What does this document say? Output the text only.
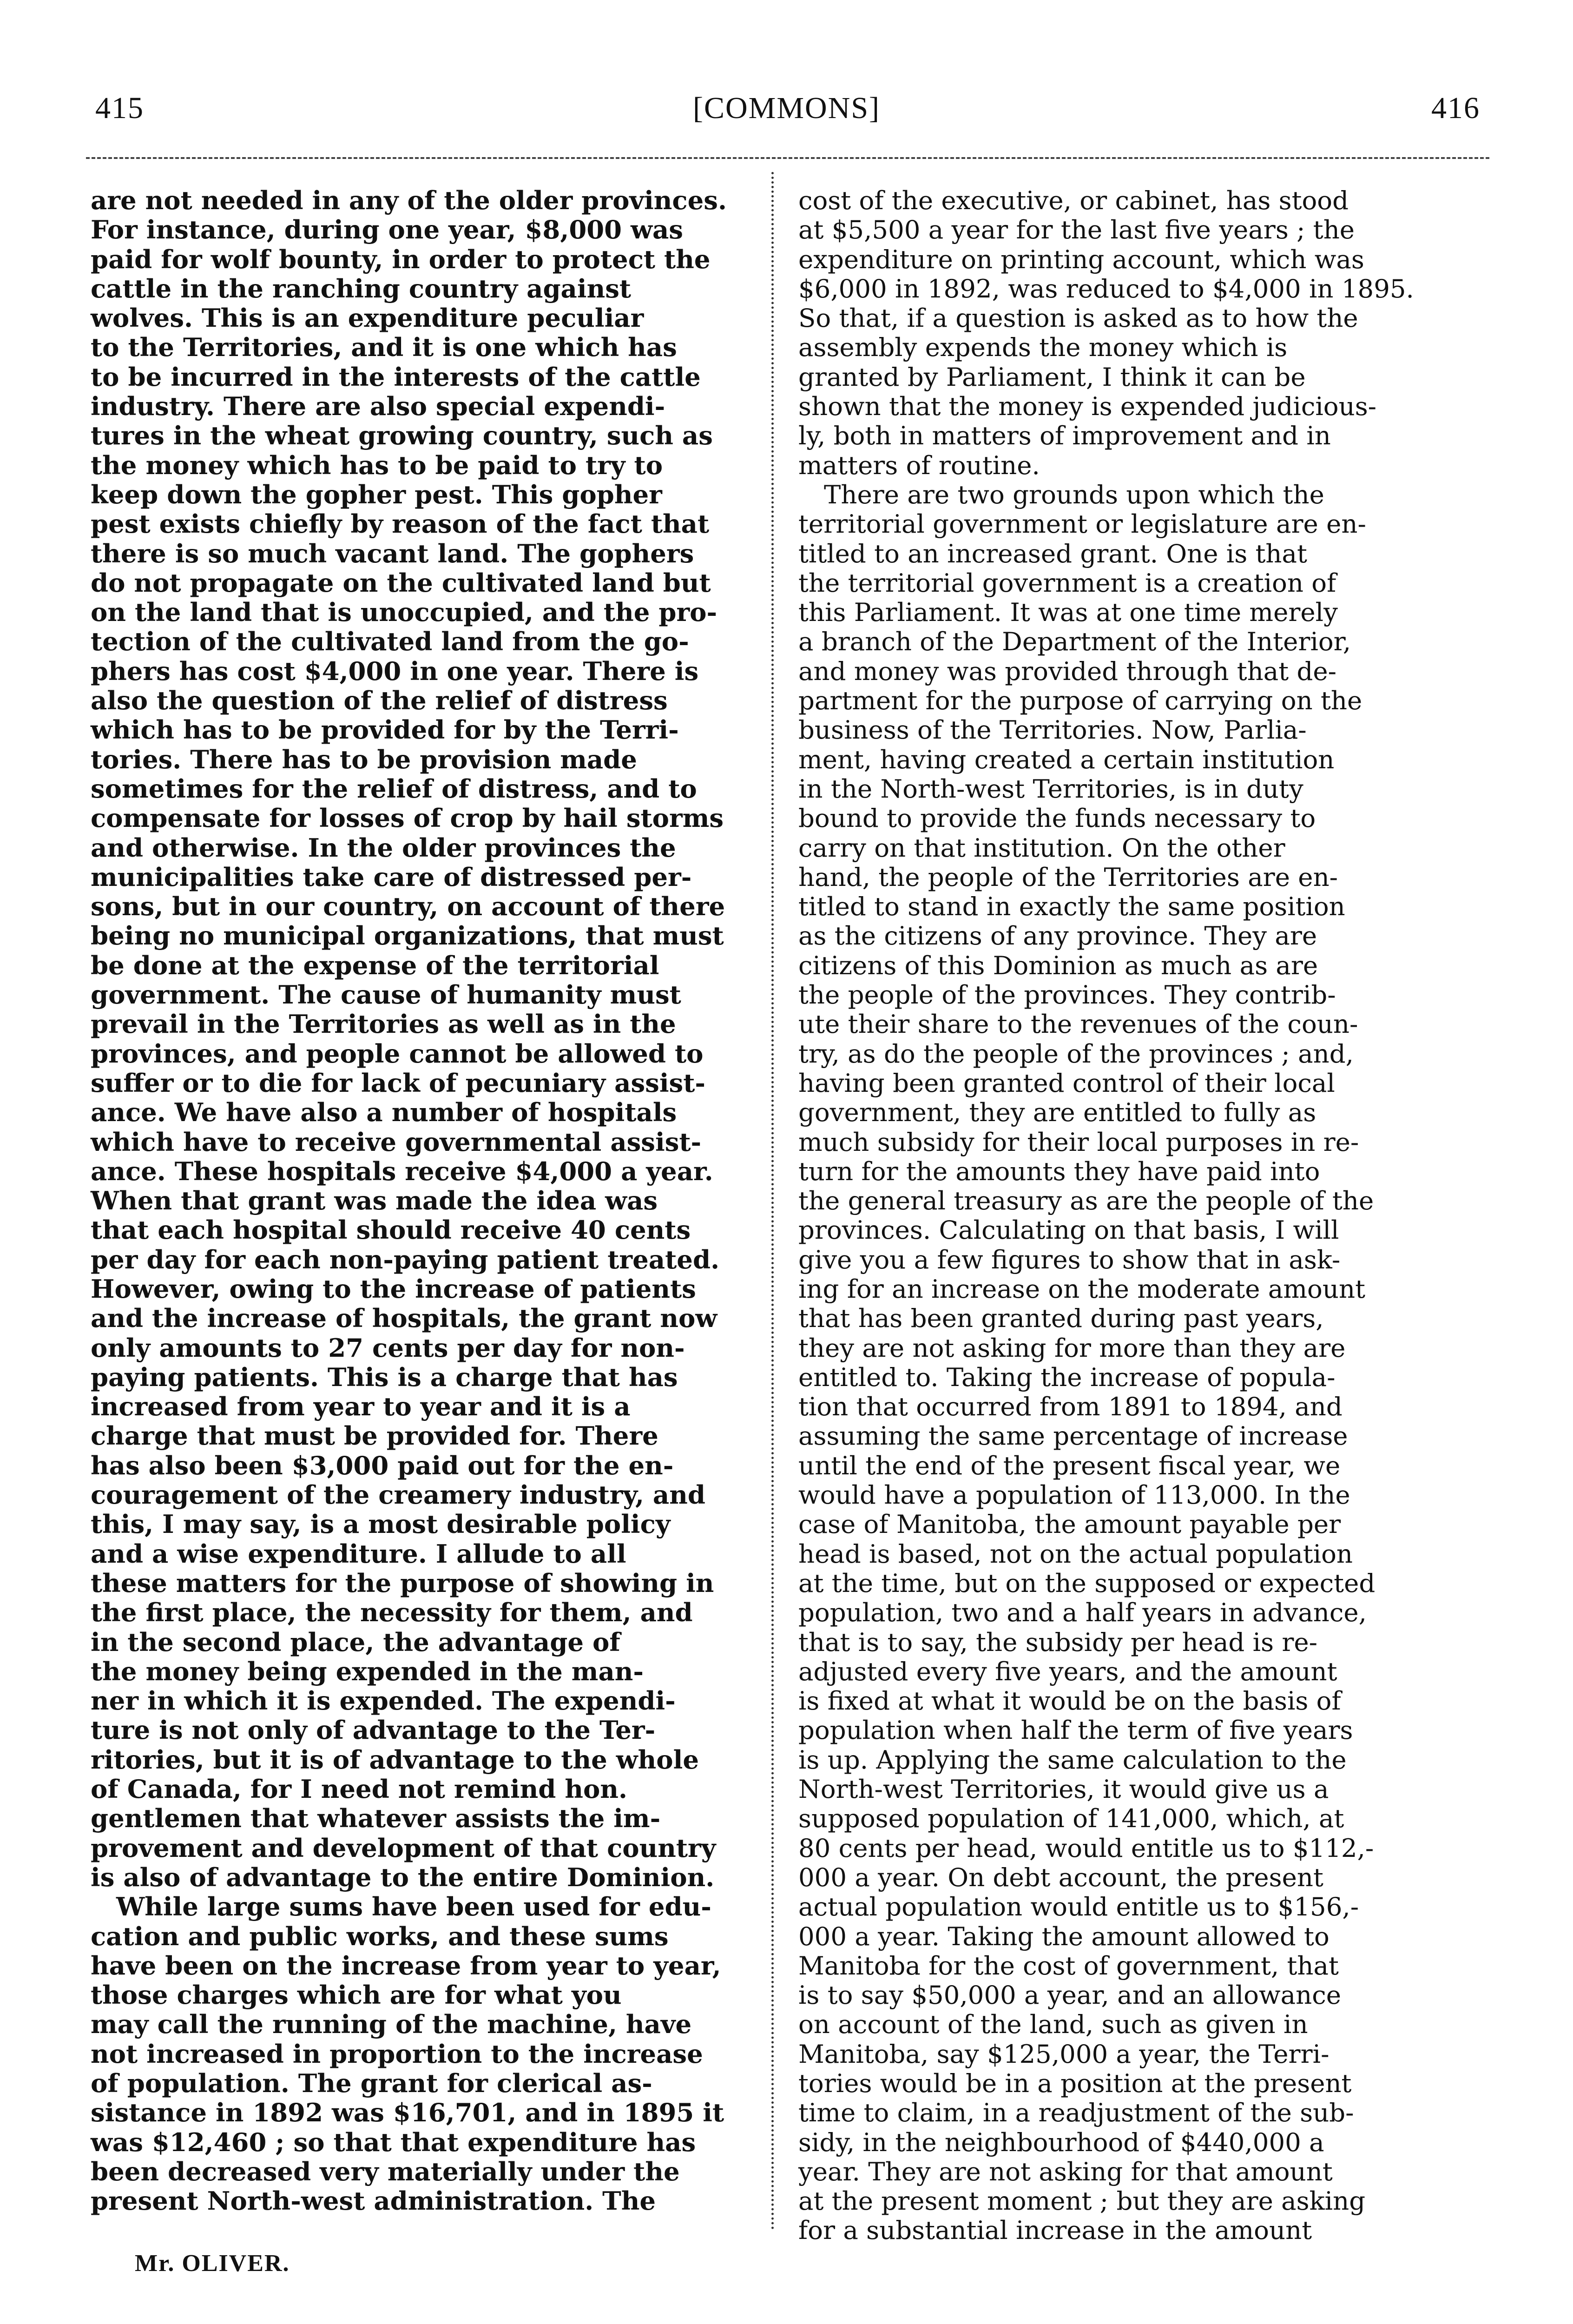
415	[COMMONS]	416
are not needed in any of the older provinces.
For instance, during one year, $8,000 was
paid for wolf bounty, in order to protect the
cattle in the ranching country against
wolves. This is an expenditure peculiar
to the Territories, and it is one which has
to be incurred in the interests of the cattle
industry. There are also special expendi-
tures in the wheat growing country, such as
the money which has to be paid to try to
keep down the gopher pest. This gopher
pest exists chiefly by reason of the fact that
there is so much vacant land. The gophers
do not propagate on the cultivated land but
on the land that is unoccupied, and the pro-
tection of the cultivated land from the go-
phers has cost $4,000 in one year. There is
also the question of the relief of distress
which has to be provided for by the Terri-
tories. There has to be provision made
sometimes for the relief of distress, and to
compensate for losses of crop by hail storms
and otherwise. In the older provinces the
municipalities take care of distressed per-
sons, but in our country, on account of there
being no municipal organizations, that must
be done at the expense of the territorial
government. The cause of humanity must
prevail in the Territories as well as in the
provinces, and people cannot be allowed to
suffer or to die for lack of pecuniary assist-
ance. We have also a number of hospitals
which have to receive governmental assist-
ance. These hospitals receive $4,000 a year.
When that grant was made the idea was
that each hospital should receive 40 cents
per day for each non-paying patient treated.
However, owing to the increase of patients
and the increase of hospitals, the grant now
only amounts to 27 cents per day for non-
paying patients. This is a charge that has
increased from year to year and it is a
charge that must be provided for. There
has also been $3,000 paid out for the en-
couragement of the creamery industry, and
this, I may say, is a most desirable policy
and a wise expenditure. I allude to all
these matters for the purpose of showing in
the first place, the necessity for them, and
in the second place, the advantage of
the money being expended in the man-
ner in which it is expended. The expendi-
ture is not only of advantage to the Ter-
ritories, but it is of advantage to the whole
of Canada, for I need not remind hon.
gentlemen that whatever assists the im-
provement and development of that country
is also of advantage to the entire Dominion.
While large sums have been used for edu-
cation and public works, and these sums
have been on the increase from year to year,
those charges which are for what you
may call the running of the machine, have
not increased in proportion to the increase
of population. The grant for clerical as-
sistance in 1892 was $16,701, and in 1895 it
was $12,460 ; so that that expenditure has
been decreased very materially under the
present North-west administration. The
cost of the executive, or cabinet, has stood
at $5,500 a year for the last five years ; the
expenditure on printing account, which was
$6,000 in 1892, was reduced to $4,000 in 1895.
So that, if a question is asked as to how the
assembly expends the money which is
granted by Parliament, I think it can be
shown that the money is expended judicious-
ly, both in matters of improvement and in
matters of routine.
There are two grounds upon which the
territorial government or legislature are en-
titled to an increased grant. One is that
the territorial government is a creation of
this Parliament. It was at one time merely
a branch of the Department of the Interior,
and money was provided through that de-
partment for the purpose of carrying on the
business of the Territories. Now, Parlia-
ment, having created a certain institution
in the North-west Territories, is in duty
bound to provide the funds necessary to
carry on that institution. On the other
hand, the people of the Territories are en-
titled to stand in exactly the same position
as the citizens of any province. They are
citizens of this Dominion as much as are
the people of the provinces. They contrib-
ute their share to the revenues of the coun-
try, as do the people of the provinces ; and,
having been granted control of their local
government, they are entitled to fully as
much subsidy for their local purposes in re-
turn for the amounts they have paid into
the general treasury as are the people of the
provinces. Calculating on that basis, I will
give you a few figures to show that in ask-
ing for an increase on the moderate amount
that has been granted during past years,
they are not asking for more than they are
entitled to. Taking the increase of popula-
tion that occurred from 1891 to 1894, and
assuming the same percentage of increase
until the end of the present fiscal year, we
would have a population of 113,000. In the
case of Manitoba, the amount payable per
head is based, not on the actual population
at the time, but on the supposed or expected
population, two and a half years in advance,
that is to say, the subsidy per head is re-
adjusted every five years, and the amount
is fixed at what it would be on the basis of
population when half the term of five years
is up. Applying the same calculation to the
North-west Territories, it would give us a
supposed population of 141,000, which, at
80 cents per head, would entitle us to $112,-
000 a year. On debt account, the present
actual population would entitle us to $156,-
000 a year. Taking the amount allowed to
Manitoba for the cost of government, that
is to say $50,000 a year, and an allowance
on account of the land, such as given in
Manitoba, say $125,000 a year, the Terri-
tories would be in a position at the present
time to claim, in a readjustment of the sub-
sidy, in the neighbourhood of $440,000 a
year. They are not asking for that amount
at the present moment ; but they are asking
for a substantial increase in the amount
Mr. OLIVER.
